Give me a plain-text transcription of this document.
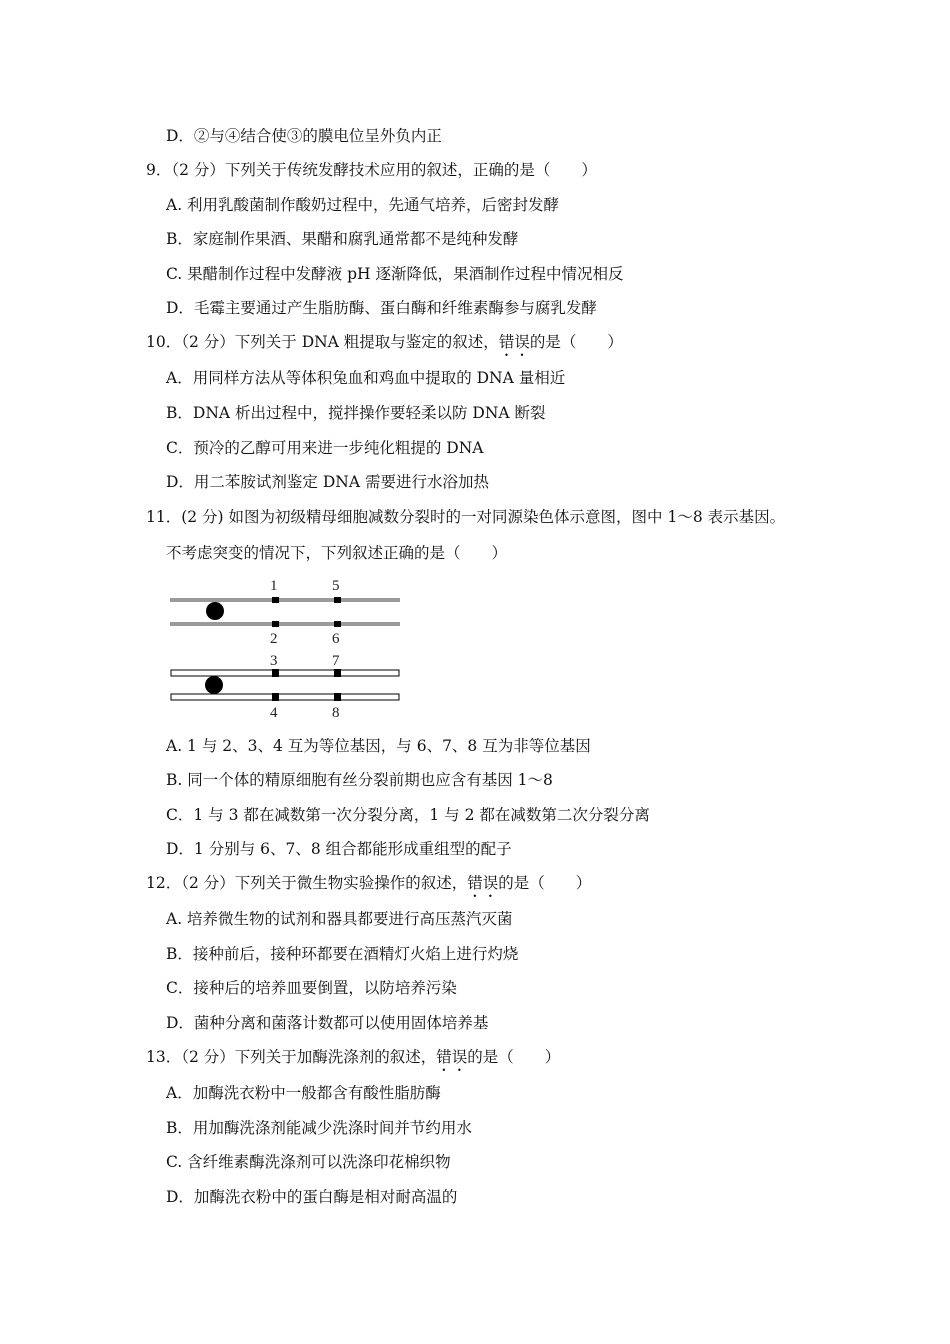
D．②与④结合使③的膜电位呈外负内正
9．（2 分）下列关于传统发酵技术应用的叙述，正确的是（　　）
A. 利用乳酸菌制作酸奶过程中，先通气培养，后密封发酵
B．家庭制作果酒、果醋和腐乳通常都不是纯种发酵
C. 果醋制作过程中发酵液 pH 逐渐降低，果酒制作过程中情况相反
D．毛霉主要通过产生脂肪酶、蛋白酶和纤维素酶参与腐乳发酵
10．（2 分）下列关于 DNA 粗提取与鉴定的叙述，错误的是（　　）
A．用同样方法从等体积兔血和鸡血中提取的 DNA 量相近
B．DNA 析出过程中，搅拌操作要轻柔以防 DNA 断裂
C．预冷的乙醇可用来进一步纯化粗提的 DNA
D．用二苯胺试剂鉴定 DNA 需要进行水浴加热
11．(2 分) 如图为初级精母细胞减数分裂时的一对同源染色体示意图，图中 1～8 表示基因。
不考虑突变的情况下，下列叙述正确的是（　　）
1	5
2	6
3	7
4	8
A. 1 与 2、3、4 互为等位基因，与 6、7、8 互为非等位基因
B. 同一个体的精原细胞有丝分裂前期也应含有基因 1～8
C．1 与 3 都在减数第一次分裂分离，1 与 2 都在减数第二次分裂分离
D．1 分别与 6、7、8 组合都能形成重组型的配子
12．（2 分）下列关于微生物实验操作的叙述，错误的是（　　）
A. 培养微生物的试剂和器具都要进行高压蒸汽灭菌
B．接种前后，接种环都要在酒精灯火焰上进行灼烧
C．接种后的培养皿要倒置，以防培养污染
D．菌种分离和菌落计数都可以使用固体培养基
13．（2 分）下列关于加酶洗涤剂的叙述，错误的是（　　）
A．加酶洗衣粉中一般都含有酸性脂肪酶
B．用加酶洗涤剂能减少洗涤时间并节约用水
C. 含纤维素酶洗涤剂可以洗涤印花棉织物
D．加酶洗衣粉中的蛋白酶是相对耐高温的
